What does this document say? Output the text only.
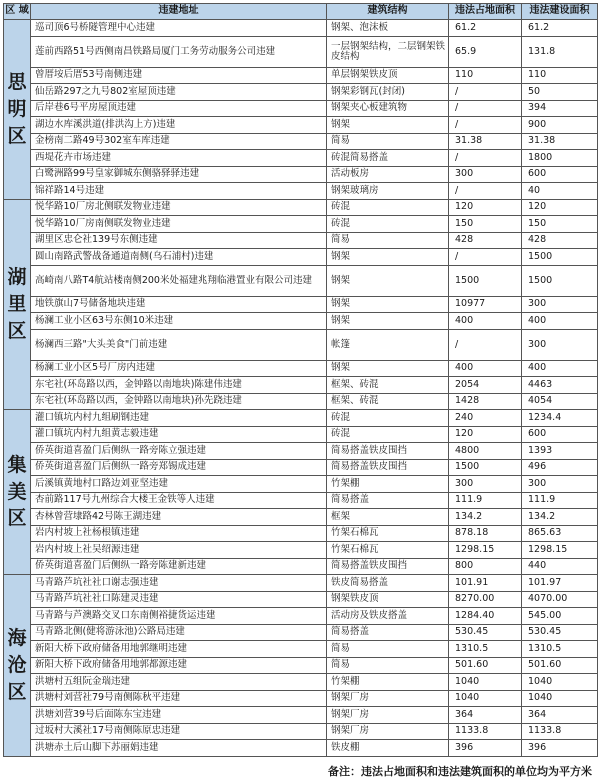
区 域	违建地址	建筑结构	违法占地面积	违法建设面积
思明区	巡司顶6号桥隧管理中心违建	钢架、泡沫板	61.2	61.2
	莲前西路51号西侧南昌铁路局厦门工务劳动服务公司违建	一层钢架结构，二层钢架铁皮结构	65.9	131.8
	曾厝垵后厝53号南侧违建	单层钢架铁皮顶	110	110
	仙岳路297之九号802室屋顶违建	钢架彩钢瓦(封闭)	/	50
	后岸巷6号平房屋顶违建	钢架夹心板建筑物	/	394
	湖边水库溪洪道(排洪沟上方)违建	钢架	/	900
	金榜南二路49号302室车库违建	简易	31.38	31.38
	西堤花卉市场违建	砖混简易搭盖	/	1800
	白鹭洲路99号皇家御城东侧骆驿驿违建	活动板房	300	600
	锦祥路14号违建	钢架玻璃房	/	40
湖里区	悦华路10厂房北侧联发物业违建	砖混	120	120
	悦华路10厂房南侧联发物业违建	砖混	150	150
	湖里区忠仑社139号东侧违建	简易	428	428
	圆山南路武警战备通道南侧(乌石浦村)违建	钢架	/	1500
	高崎南八路T4航站楼南侧200米处福建兆翔临港置业有限公司违建	钢架	1500	1500
	地铁旗山7号储备地块违建	钢架	10977	300
	杨澜工业小区63号东侧10米违建	钢架	400	400
	杨澜西三路"大头美食"门前违建	帐篷	/	300
	杨澜工业小区5号厂房内违建	钢架	400	400
	东宅社(环岛路以西，金钟路以南地块)陈建伟违建	框架、砖混	2054	4463
	东宅社(环岛路以西，金钟路以南地块)孙先跷违建	框架、砖混	1428	4054
集美区	灌口镇坑内村九组刷钢违建	砖混	240	1234.4
	灌口镇坑内村九组黄志毅违建	砖混	120	600
	侨英街道喜盈门后侧纵一路旁陈立强违建	简易搭盖铁皮围挡	4800	1393
	侨英街道喜盈门后侧纵一路旁郑锡成违建	简易搭盖铁皮围挡	1500	496
	后溪镇黄地村口路边刘亚坚违建	竹架棚	300	300
	杏前路117号九州综合大楼王金铁等人违建	简易搭盖	111.9	111.9
	杏林曾营埭路42号陈王湖违建	框架	134.2	134.2
	岩内村坡上社杨根镇违建	竹架石棉瓦	878.18	865.63
	岩内村坡上社吴绍源违建	竹架石棉瓦	1298.15	1298.15
	侨英街道喜盈门后侧纵一路旁陈建新违建	简易搭盖铁皮围挡	800	440
海沧区	马青路芦坑社社口谢志强违建	铁皮简易搭盖	101.91	101.97
	马青路芦坑社社口陈建灵违建	钢架铁皮顶	8270.00	4070.00
	马青路与芦澳路交叉口东南侧裕捷货运违建	活动房及铁皮搭盖	1284.40	545.00
	马青路北侧(健将游泳池)公路局违建	简易搭盖	530.45	530.45
	新阳大桥下政府储备用地郭继明违建	简易	1310.5	1310.5
	新阳大桥下政府储备用地郭都源违建	简易	501.60	501.60
	洪塘村五组阮金瑞违建	竹架棚	1040	1040
	洪塘村刘营社79号南侧陈秋平违建	钢架厂房	1040	1040
	洪塘刘营39号后面陈东宝违建	钢架厂房	364	364
	过坂村大溪社17号南侧陈原忠违建	钢架厂房	1133.8	1133.8
	洪塘赤土后山脚下苏丽娟违建	铁皮棚	396	396
备注：违法占地面积和违法建筑面积的单位均为平方米
